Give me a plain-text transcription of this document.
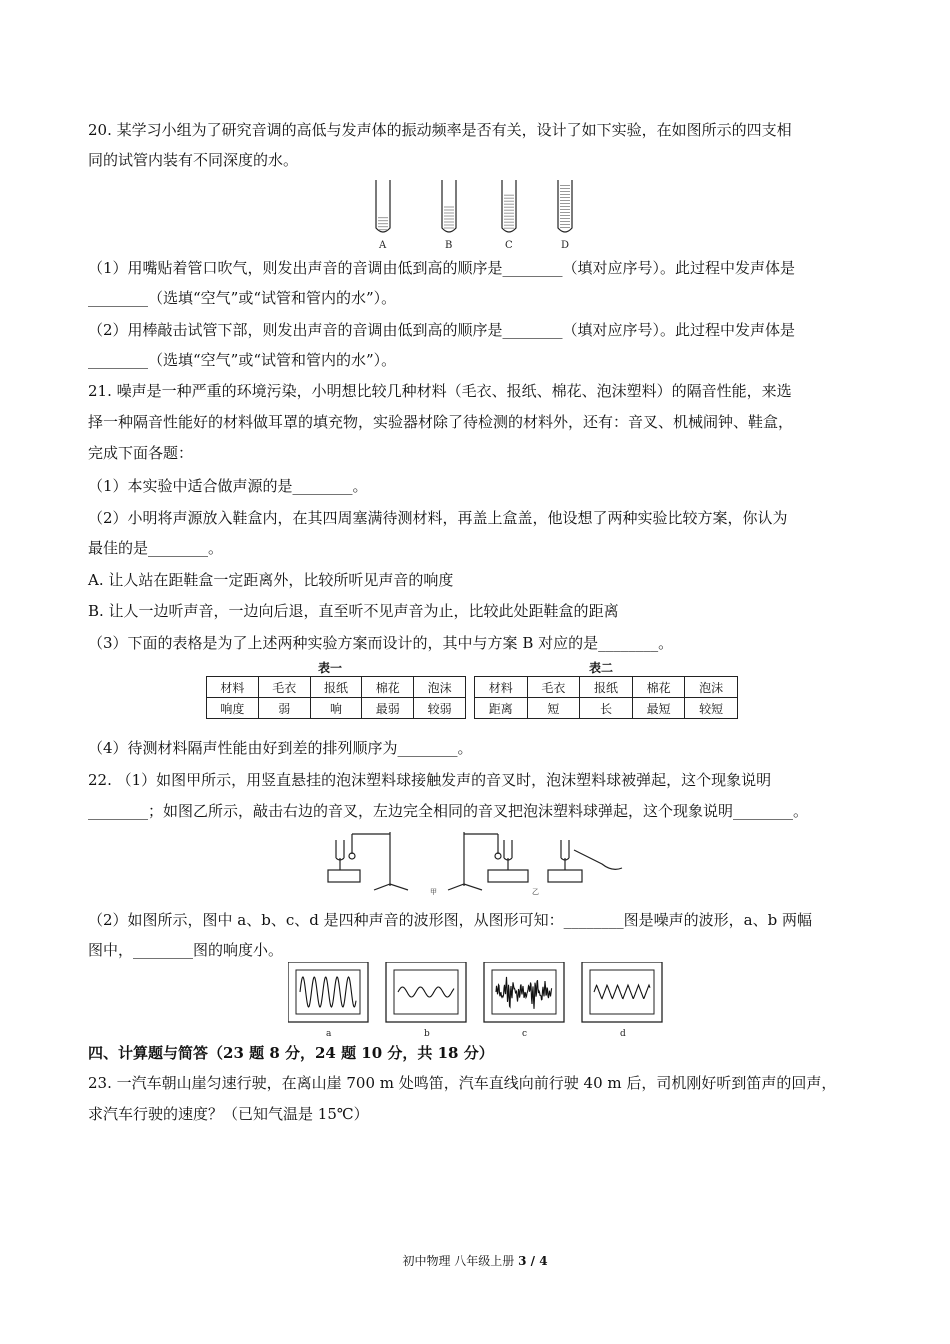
20. 某学习小组为了研究音调的高低与发声体的振动频率是否有关，设计了如下实验，在如图所示的四支相
同的试管内装有不同深度的水。
A	B	C	D
（1）用嘴贴着管口吹气，则发出声音的音调由低到高的顺序是________（填对应序号）。此过程中发声体是
________（选填“空气”或“试管和管内的水”）。
（2）用棒敲击试管下部，则发出声音的音调由低到高的顺序是________（填对应序号）。此过程中发声体是
________（选填“空气”或“试管和管内的水”）。
21. 噪声是一种严重的环境污染，小明想比较几种材料（毛衣、报纸、棉花、泡沫塑料）的隔音性能，来选
择一种隔音性能好的材料做耳罩的填充物，实验器材除了待检测的材料外，还有：音叉、机械闹钟、鞋盒，
完成下面各题：
（1）本实验中适合做声源的是________。
（2）小明将声源放入鞋盒内，在其四周塞满待测材料，再盖上盒盖，他设想了两种实验比较方案，你认为
最佳的是________。
A. 让人站在距鞋盒一定距离外，比较所听见声音的响度
B. 让人一边听声音，一边向后退，直至听不见声音为止，比较此处距鞋盒的距离
（3）下面的表格是为了上述两种实验方案而设计的，其中与方案 B 对应的是________。
表一
材料	毛衣	报纸	棉花	泡沫
响度	弱	响	最弱	较弱
表二
材料	毛衣	报纸	棉花	泡沫
距离	短	长	最短	较短
（4）待测材料隔声性能由好到差的排列顺序为________。
22. （1）如图甲所示，用竖直悬挂的泡沫塑料球接触发声的音叉时，泡沫塑料球被弹起，这个现象说明
________；如图乙所示，敲击右边的音叉，左边完全相同的音叉把泡沫塑料球弹起，这个现象说明________。
甲	乙
（2）如图所示，图中 a、b、c、d 是四种声音的波形图，从图形可知：________图是噪声的波形，a、b 两幅
图中，________图的响度小。
a	b	c	d
四、计算题与简答（23 题 8 分，24 题 10 分，共 18 分）
23. 一汽车朝山崖匀速行驶，在离山崖 700 m 处鸣笛，汽车直线向前行驶 40 m 后，司机刚好听到笛声的回声，
求汽车行驶的速度？（已知气温是 15℃）
初中物理 八年级上册 3 / 4
